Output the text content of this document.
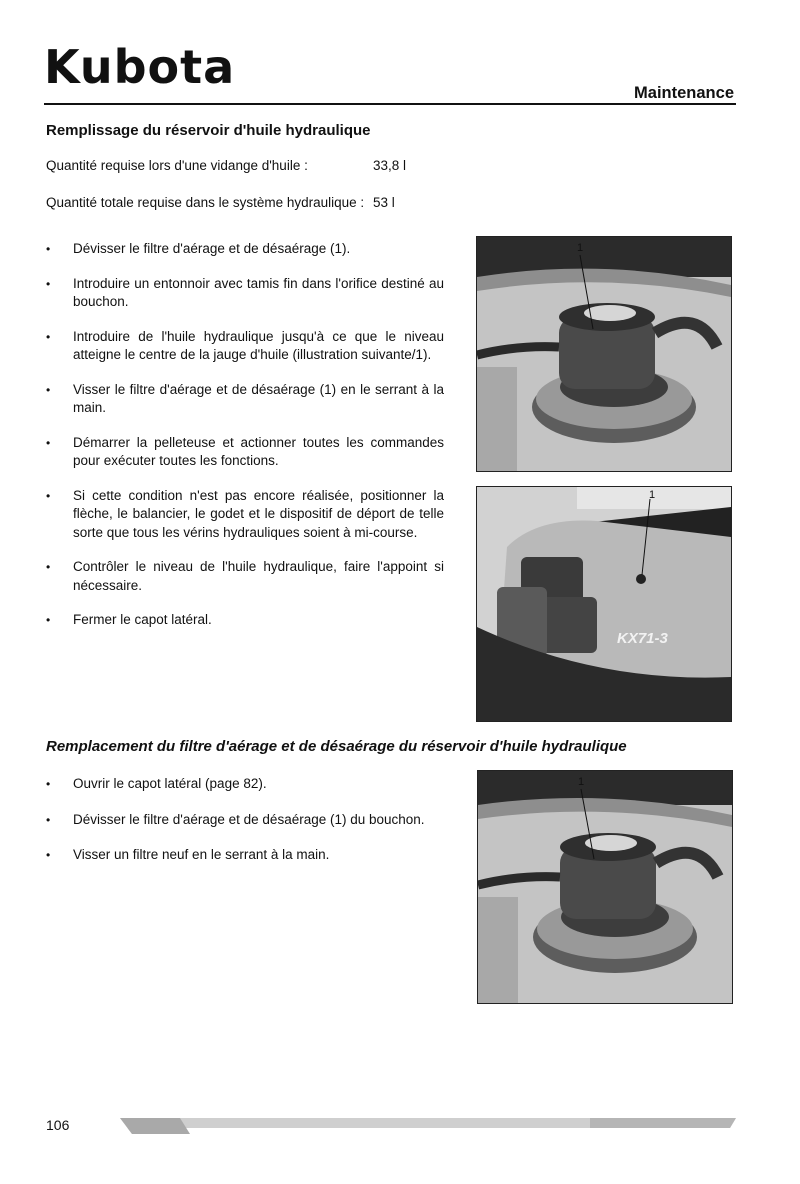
Kubota	Maintenance
Remplissage du réservoir d'huile hydraulique
Quantité requise lors d'une vidange d'huile :	33,8 l
Quantité totale requise dans le système hydraulique : 53 l
• Dévisser le filtre d'aérage et de désaérage (1).
• Introduire un entonnoir avec tamis fin dans l'orifice destiné au bouchon.
• Introduire de l'huile hydraulique jusqu'à ce que le niveau atteigne le centre de la jauge d'huile (illustration suivante/1).
• Visser le filtre d'aérage et de désaérage (1) en le serrant à la main.
• Démarrer la pelleteuse et actionner toutes les commandes pour exécuter toutes les fonctions.
• Si cette condition n'est pas encore réalisée, positionner la flèche, le balancier, le godet et le dispositif de déport de telle sorte que tous les vérins hydrauliques soient à mi-course.
• Contrôler le niveau de l'huile hydraulique, faire l'appoint si nécessaire.
• Fermer le capot latéral.
1
1
KX71-3
Remplacement du filtre d'aérage et de désaérage du réservoir d'huile hydraulique
• Ouvrir le capot latéral (page 82).
• Dévisser le filtre d'aérage et de désaérage (1) du bouchon.
• Visser un filtre neuf en le serrant à la main.
1
106
